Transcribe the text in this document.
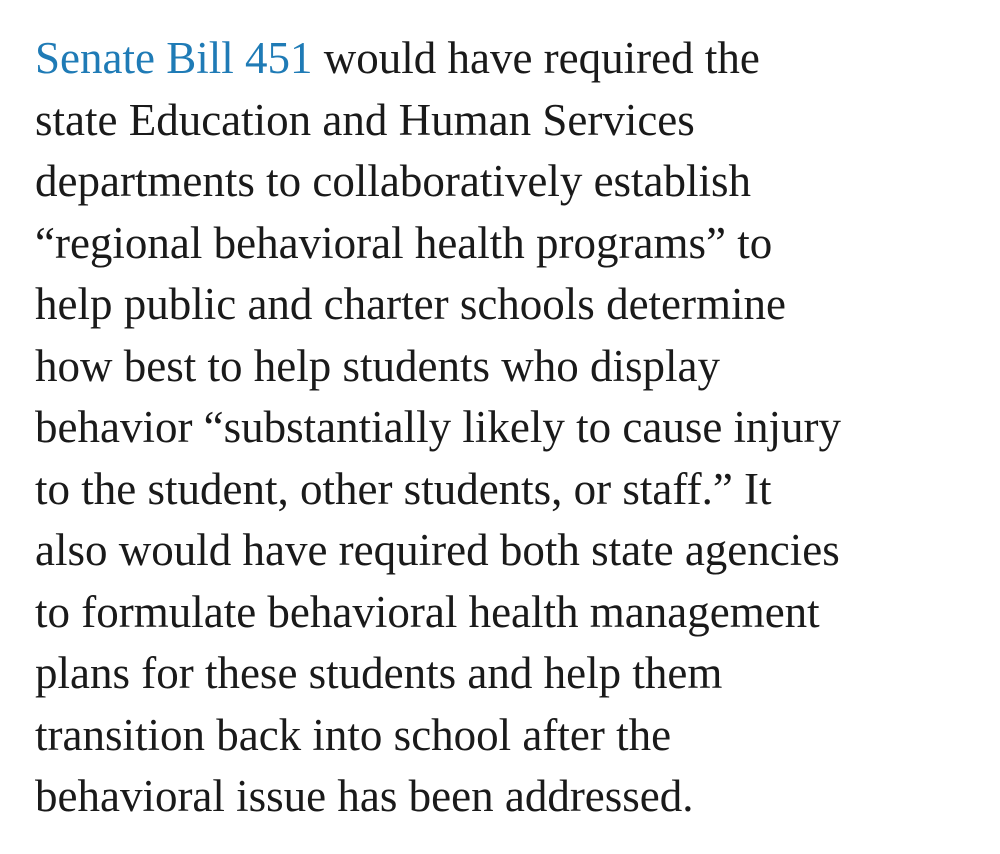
Senate Bill 451 would have required the
state Education and Human Services
departments to collaboratively establish
“regional behavioral health programs” to
help public and charter schools determine
how best to help students who display
behavior “substantially likely to cause injury
to the student, other students, or staff.” It
also would have required both state agencies
to formulate behavioral health management
plans for these students and help them
transition back into school after the
behavioral issue has been addressed.
